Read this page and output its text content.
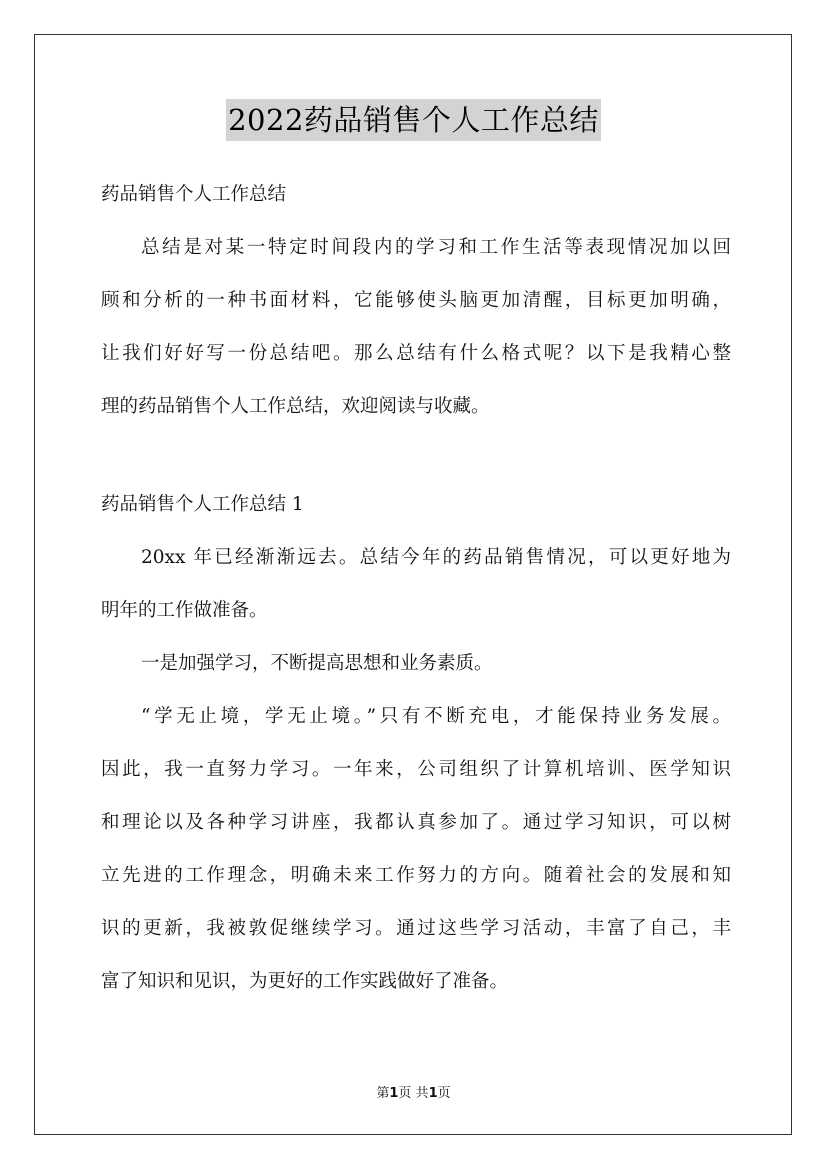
2022药品销售个人工作总结
药品销售个人工作总结
总结是对某一特定时间段内的学习和工作生活等表现情况加以回
顾和分析的一种书面材料，它能够使头脑更加清醒，目标更加明确，
让我们好好写一份总结吧。那么总结有什么格式呢？以下是我精心整
理的药品销售个人工作总结，欢迎阅读与收藏。
药品销售个人工作总结 1
20xx 年已经渐渐远去。总结今年的药品销售情况，可以更好地为
明年的工作做准备。
一是加强学习，不断提高思想和业务素质。
“学无止境，学无止境。”只有不断充电，才能保持业务发展。
因此，我一直努力学习。一年来，公司组织了计算机培训、医学知识
和理论以及各种学习讲座，我都认真参加了。通过学习知识，可以树
立先进的工作理念，明确未来工作努力的方向。随着社会的发展和知
识的更新，我被敦促继续学习。通过这些学习活动，丰富了自己，丰
富了知识和见识，为更好的工作实践做好了准备。
第1页 共1页
